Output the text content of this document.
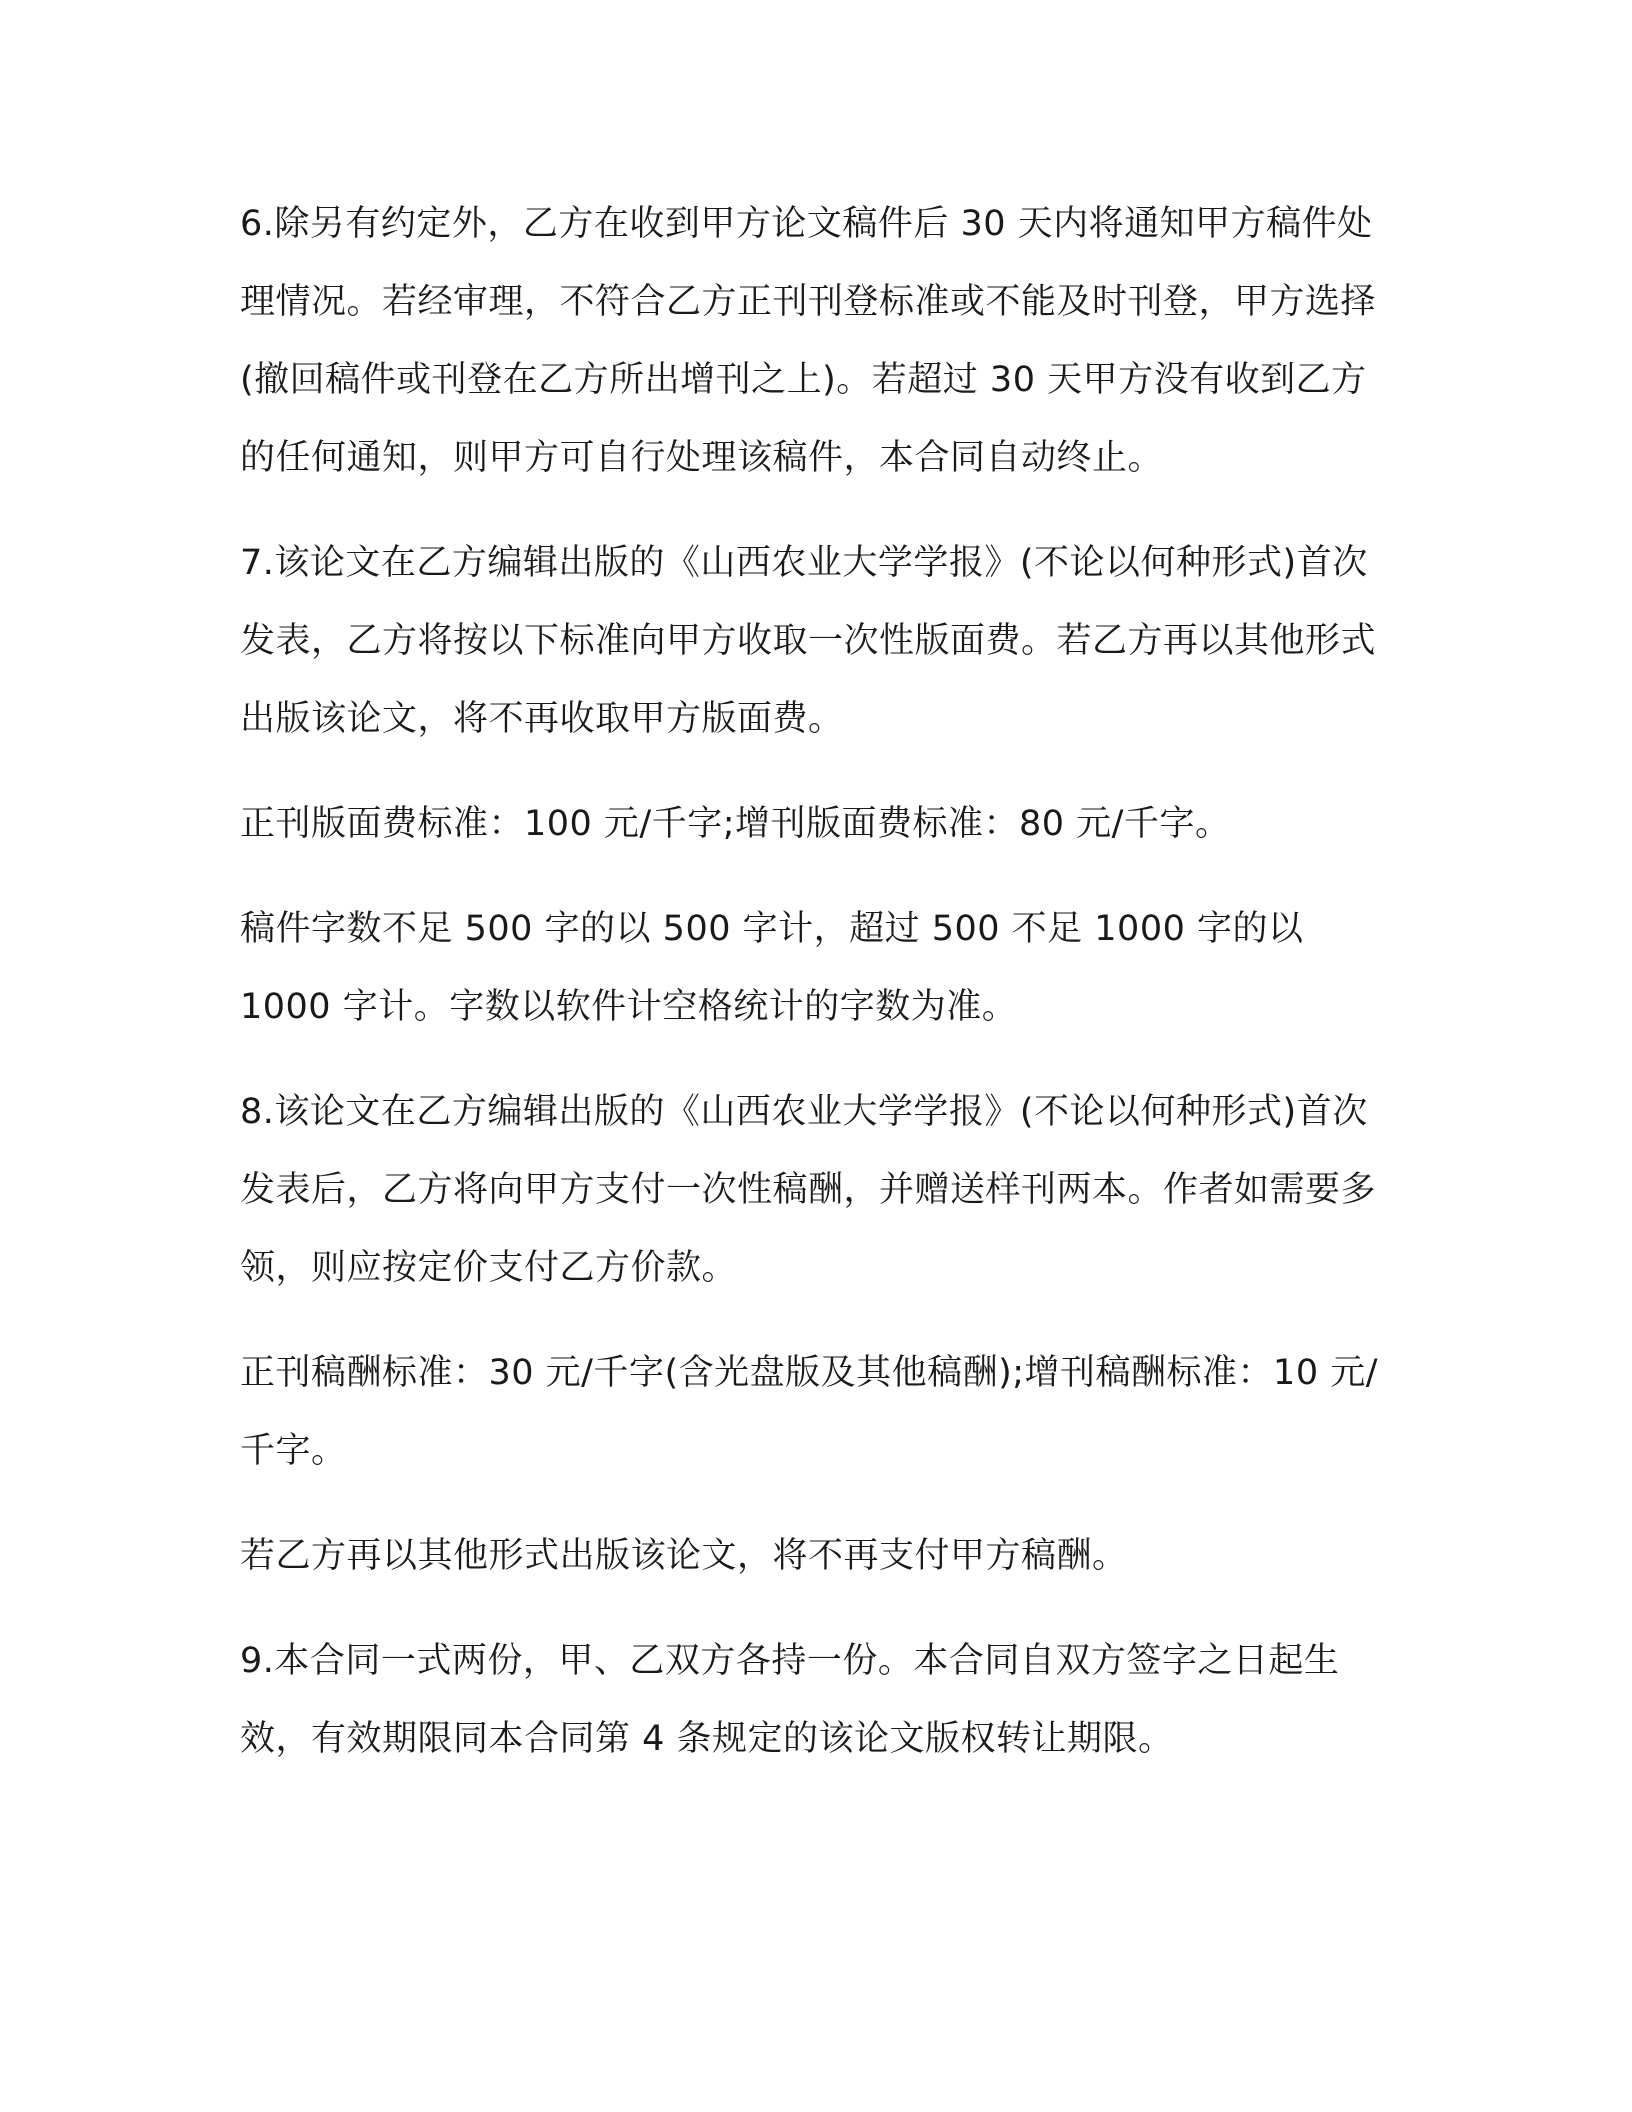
6.除另有约定外，乙方在收到甲方论文稿件后 30 天内将通知甲方稿件处理情况。若经审理，不符合乙方正刊刊登标准或不能及时刊登，甲方选择(撤回稿件或刊登在乙方所出增刊之上)。若超过 30 天甲方没有收到乙方的任何通知，则甲方可自行处理该稿件，本合同自动终止。

7.该论文在乙方编辑出版的《山西农业大学学报》(不论以何种形式)首次发表，乙方将按以下标准向甲方收取一次性版面费。若乙方再以其他形式出版该论文，将不再收取甲方版面费。

正刊版面费标准：100 元/千字;增刊版面费标准：80 元/千字。

稿件字数不足 500 字的以 500 字计，超过 500 不足 1000 字的以 1000 字计。字数以软件计空格统计的字数为准。

8.该论文在乙方编辑出版的《山西农业大学学报》(不论以何种形式)首次发表后，乙方将向甲方支付一次性稿酬，并赠送样刊两本。作者如需要多领，则应按定价支付乙方价款。

正刊稿酬标准：30 元/千字(含光盘版及其他稿酬);增刊稿酬标准：10 元/千字。

若乙方再以其他形式出版该论文，将不再支付甲方稿酬。

9.本合同一式两份，甲、乙双方各持一份。本合同自双方签字之日起生效，有效期限同本合同第 4 条规定的该论文版权转让期限。
